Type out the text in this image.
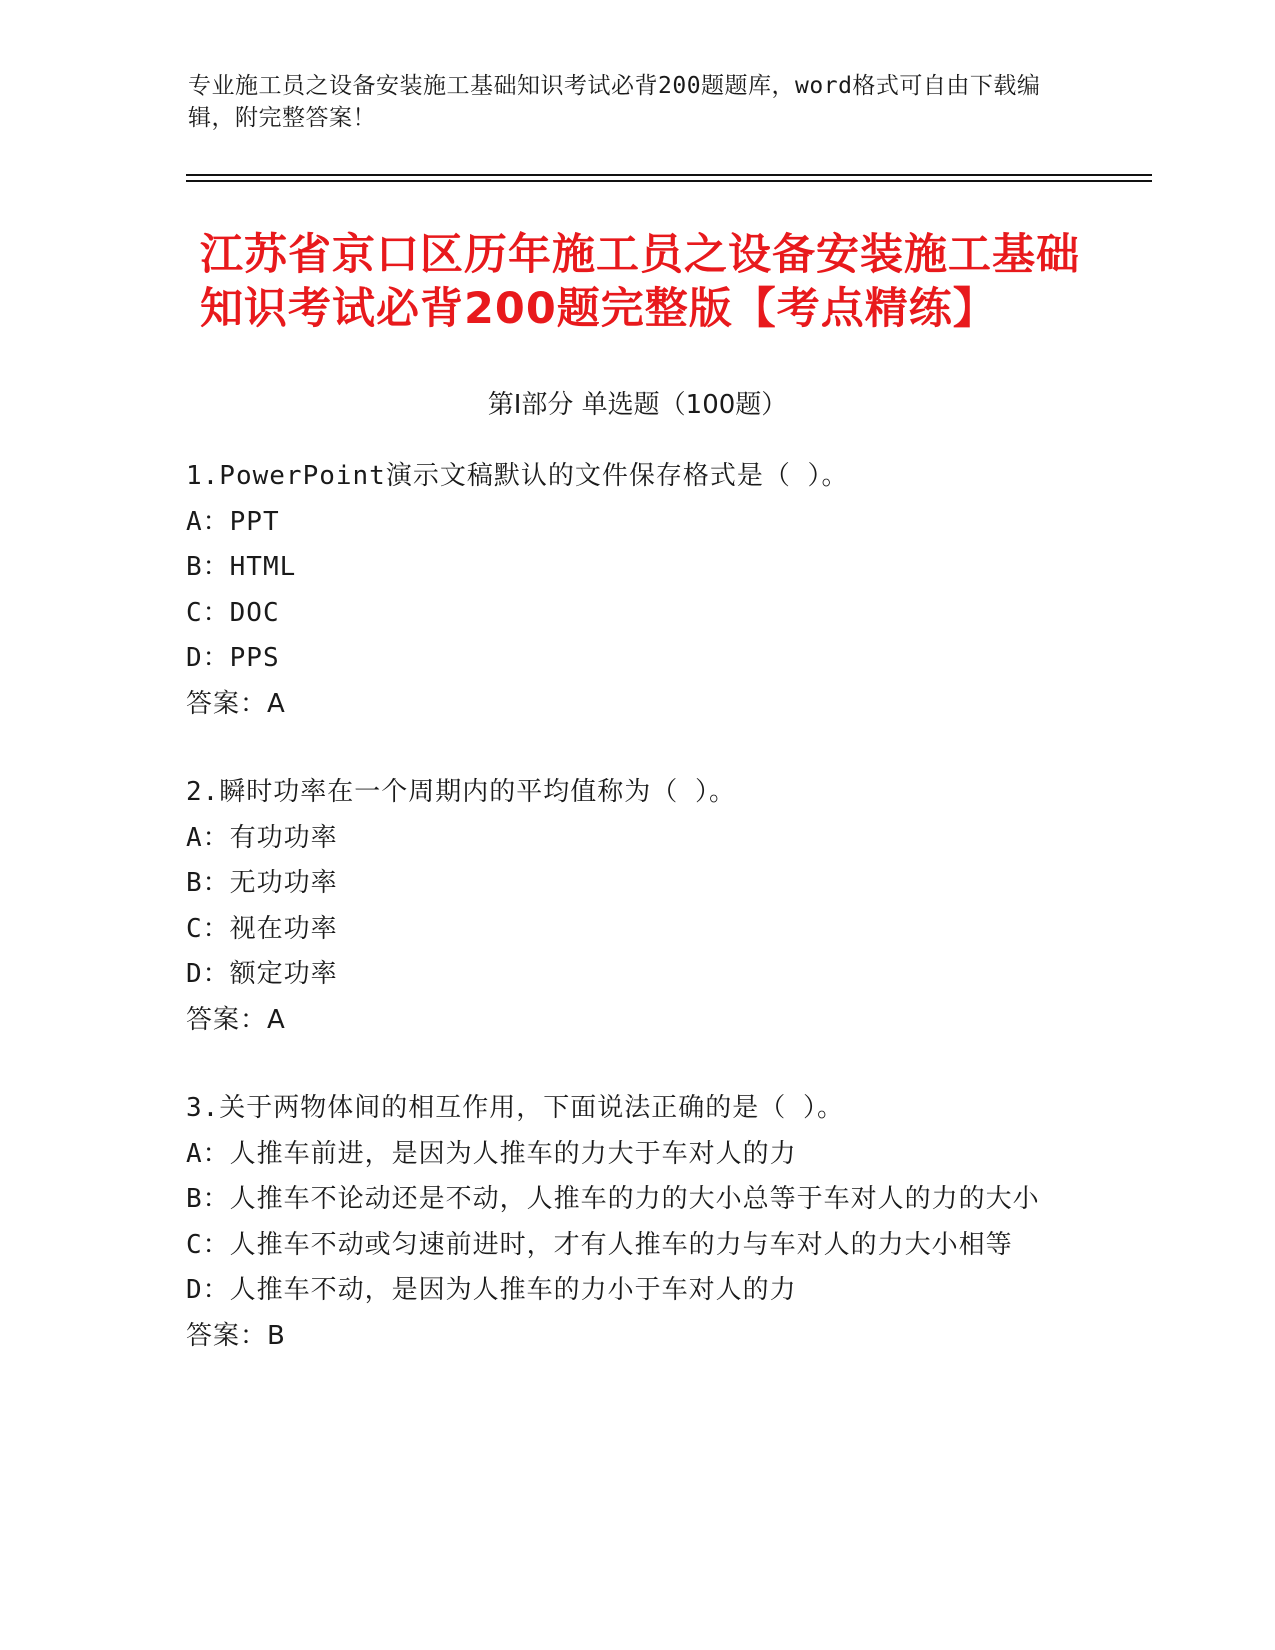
专业施工员之设备安装施工基础知识考试必背200题题库，word格式可自由下载编辑，附完整答案！
江苏省京口区历年施工员之设备安装施工基础知识考试必背200题完整版【考点精练】
第Ⅰ部分 单选题（100题）
1.PowerPoint演示文稿默认的文件保存格式是（ ）。
A：PPT
B：HTML
C：DOC
D：PPS
答案：A
2.瞬时功率在一个周期内的平均值称为（ ）。
A：有功功率
B：无功功率
C：视在功率
D：额定功率
答案：A
3.关于两物体间的相互作用，下面说法正确的是（ ）。
A：人推车前进，是因为人推车的力大于车对人的力
B：人推车不论动还是不动，人推车的力的大小总等于车对人的力的大小
C：人推车不动或匀速前进时，才有人推车的力与车对人的力大小相等
D：人推车不动，是因为人推车的力小于车对人的力
答案：B
